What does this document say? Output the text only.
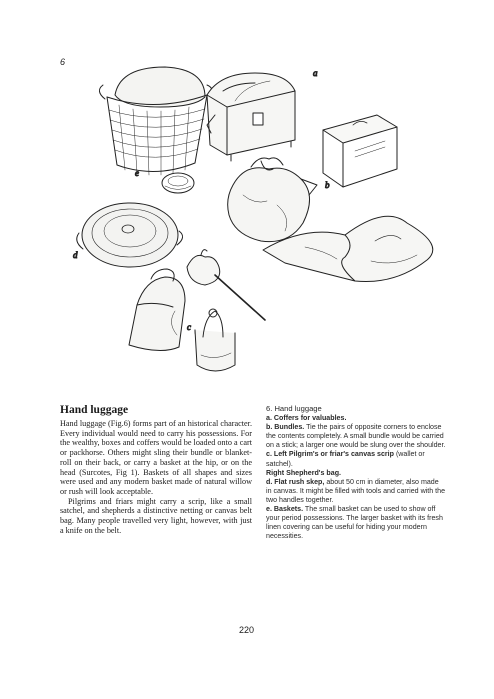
6
a
b
c
d
e
Hand luggage

Hand luggage (Fig.6) forms part of an historical character. Every individual would need to carry his possessions. For the wealthy, boxes and coffers would be loaded onto a cart or packhorse. Others might sling their bundle or blanket-roll on their back, or carry a basket at the hip, or on the head (Surcotes, Fig 1). Baskets of all shapes and sizes were used and any modern basket made of natural willow or rush will look acceptable.

Pilgrims and friars might carry a scrip, like a small satchel, and shepherds a distinctive netting or canvas belt bag. Many people travelled very light, however, with just a knife on the belt.

6. Hand luggage

a. Coffers for valuables.

b. Bundles. Tie the pairs of opposite corners to enclose the contents completely. A small bundle would be carried on a stick; a larger one would be slung over the shoulder.

c. Left Pilgrim's or friar's canvas scrip (wallet or satchel).

Right Shepherd's bag.

d. Flat rush skep, about 50 cm in diameter, also made in canvas. It might be filled with tools and carried with the two handles together.

e. Baskets. The small basket can be used to show off your period possessions. The larger basket with its fresh linen covering can be useful for hiding your modern necessities.

220
